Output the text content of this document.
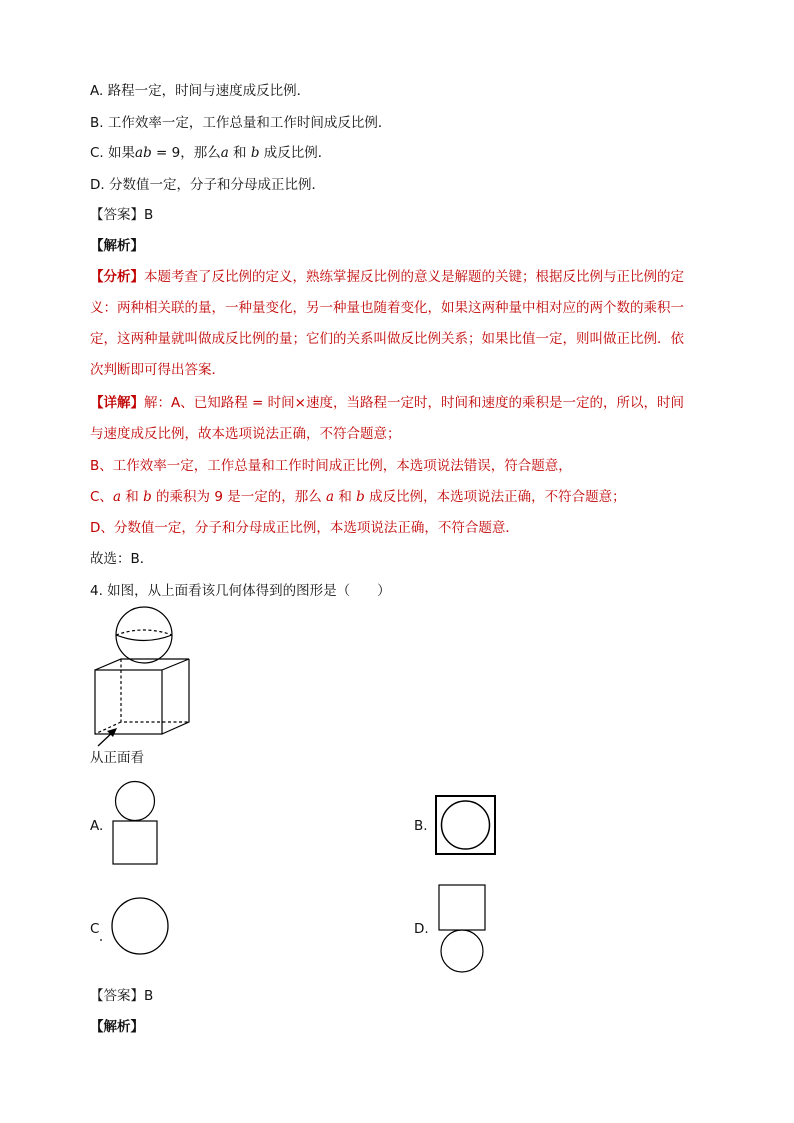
A. 路程一定，时间与速度成反比例．
B. 工作效率一定，工作总量和工作时间成反比例．
C. 如果ab = 9，那么a 和 b 成反比例．
D. 分数值一定，分子和分母成正比例．
【答案】B
【解析】
【分析】本题考查了反比例的定义，熟练掌握反比例的意义是解题的关键；根据反比例与正比例的定
义：两种相关联的量，一种量变化，另一种量也随着变化，如果这两种量中相对应的两个数的乘积一
定，这两种量就叫做成反比例的量；它们的关系叫做反比例关系；如果比值一定，则叫做正比例．依
次判断即可得出答案．
【详解】解：A、已知路程 = 时间×速度，当路程一定时，时间和速度的乘积是一定的，所以，时间
与速度成反比例，故本选项说法正确，不符合题意；
B、工作效率一定，工作总量和工作时间成正比例，本选项说法错误，符合题意，
C、a 和 b 的乘积为 9 是一定的，那么 a 和 b 成反比例，本选项说法正确，不符合题意；
D、分数值一定，分子和分母成正比例，本选项说法正确，不符合题意．
故选：B．
4. 如图，从上面看该几何体得到的图形是（　　）
从正面看
A.	B.
C	D.
【答案】B
【解析】
